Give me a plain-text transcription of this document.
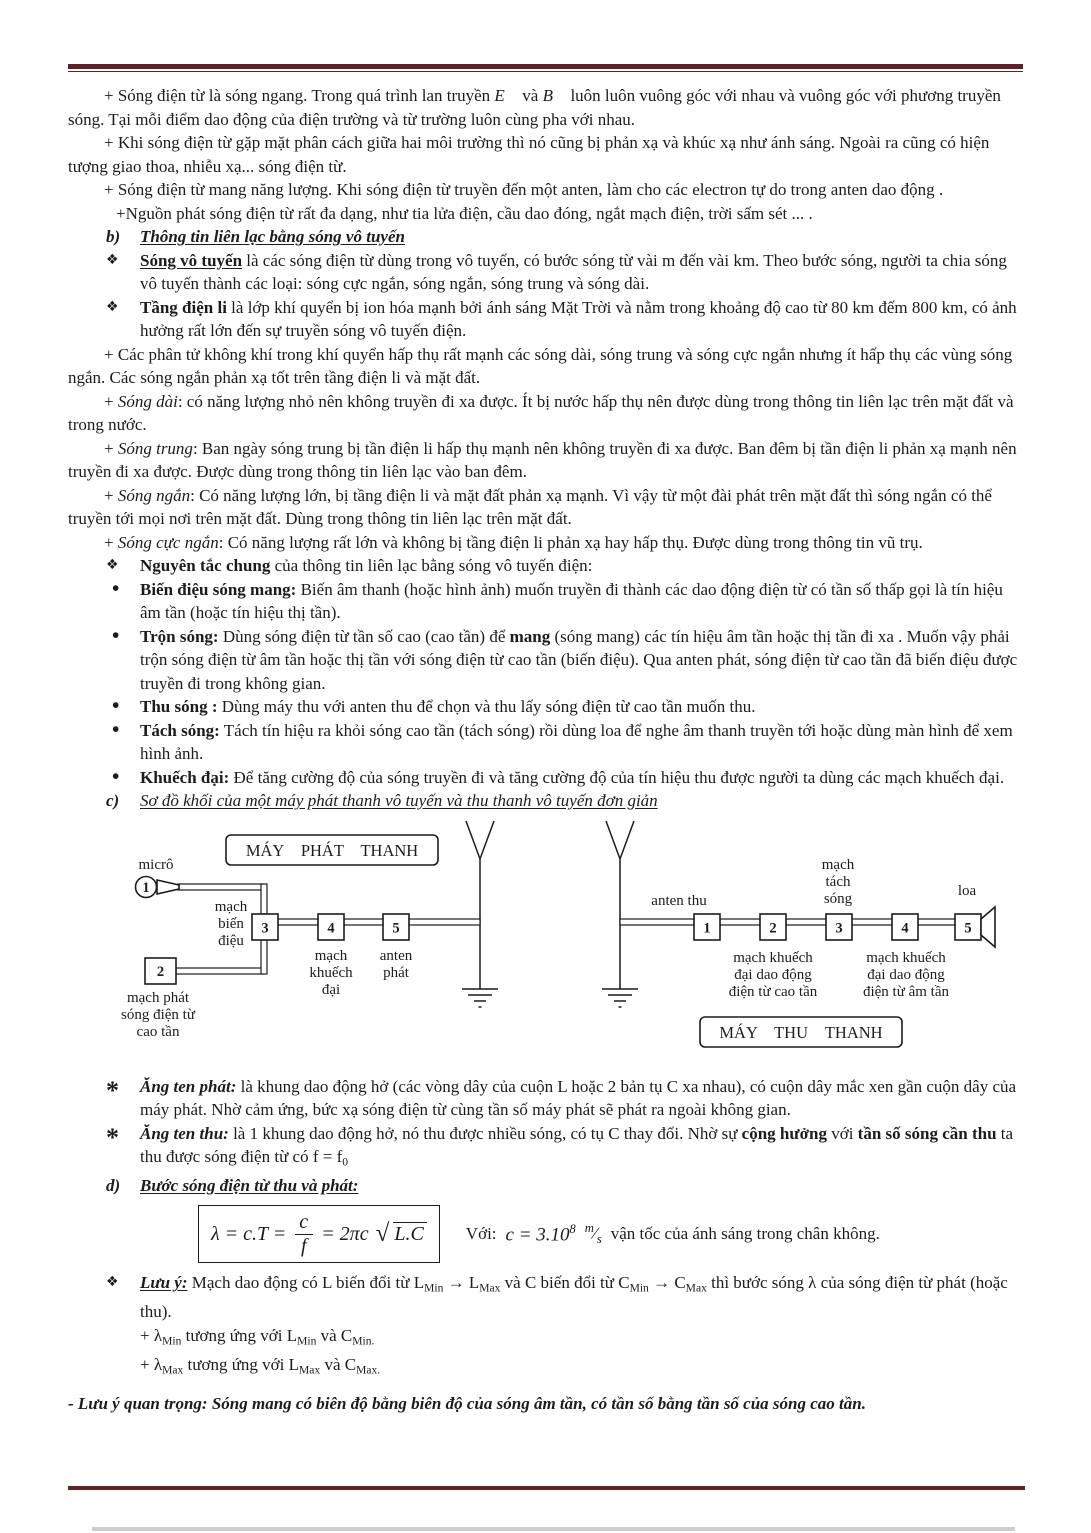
+ Sóng điện từ là sóng ngang. Trong quá trình lan truyền E⃗ và B⃗ luôn luôn vuông góc với nhau và vuông góc với phương truyền sóng. Tại mỗi điểm dao động của điện trường và từ trường luôn cùng pha với nhau.

+ Khi sóng điện từ gặp mặt phân cách giữa hai môi trường thì nó cũng bị phản xạ và khúc xạ như ánh sáng. Ngoài ra cũng có hiện tượng giao thoa, nhiễu xạ... sóng điện từ.

+ Sóng điện từ mang năng lượng. Khi sóng điện từ truyền đến một anten, làm cho các electron tự do trong anten dao động .

+Nguồn phát sóng điện từ rất đa dạng, như tia lửa điện, cầu dao đóng, ngắt mạch điện, trời sấm sét ... .

b) Thông tin liên lạc bằng sóng vô tuyến
❖ Sóng vô tuyến là các sóng điện từ dùng trong vô tuyến, có bước sóng từ vài m đến vài km. Theo bước sóng, người ta chia sóng vô tuyến thành các loại: sóng cực ngắn, sóng ngắn, sóng trung và sóng dài.
❖ Tầng điện li là lớp khí quyển bị ion hóa mạnh bởi ánh sáng Mặt Trời và nằm trong khoảng độ cao từ 80 km đếm 800 km, có ảnh hưởng rất lớn đến sự truyền sóng vô tuyến điện.

+ Các phân tử không khí trong khí quyển hấp thụ rất mạnh các sóng dài, sóng trung và sóng cực ngắn nhưng ít hấp thụ các vùng sóng ngắn. Các sóng ngắn phản xạ tốt trên tầng điện li và mặt đất.

+ Sóng dài: có năng lượng nhỏ nên không truyền đi xa được. Ít bị nước hấp thụ nên được dùng trong thông tin liên lạc trên mặt đất và trong nước.

+ Sóng trung: Ban ngày sóng trung bị tần điện li hấp thụ mạnh nên không truyền đi xa được. Ban đêm bị tần điện li phản xạ mạnh nên truyền đi xa được. Được dùng trong thông tin liên lạc vào ban đêm.

+ Sóng ngắn: Có năng lượng lớn, bị tầng điện li và mặt đất phản xạ mạnh. Vì vậy từ một đài phát trên mặt đất thì sóng ngắn có thể truyền tới mọi nơi trên mặt đất. Dùng trong thông tin liên lạc trên mặt đất.

+ Sóng cực ngắn: Có năng lượng rất lớn và không bị tầng điện li phản xạ hay hấp thụ. Được dùng trong thông tin vũ trụ.

❖ Nguyên tắc chung của thông tin liên lạc bằng sóng vô tuyến điện:
• Biến điệu sóng mang: Biến âm thanh (hoặc hình ảnh) muốn truyền đi thành các dao động điện từ có tần số thấp gọi là tín hiệu âm tần (hoặc tín hiệu thị tần).
• Trộn sóng: Dùng sóng điện từ tần số cao (cao tần) để mang (sóng mang) các tín hiệu âm tần hoặc thị tần đi xa . Muốn vậy phải trộn sóng điện từ âm tần hoặc thị tần với sóng điện từ cao tần (biến điệu). Qua anten phát, sóng điện từ cao tần đã biến điệu được truyền đi trong không gian.
• Thu sóng : Dùng máy thu với anten thu để chọn và thu lấy sóng điện từ cao tần muốn thu.
• Tách sóng: Tách tín hiệu ra khỏi sóng cao tần (tách sóng) rồi dùng loa để nghe âm thanh truyền tới hoặc dùng màn hình để xem hình ảnh.
• Khuếch đại: Để tăng cường độ của sóng truyền đi và tăng cường độ của tín hiệu thu được người ta dùng các mạch khuếch đại.
c) Sơ đồ khối của một máy phát thanh vô tuyến và thu thanh vô tuyến đơn giản
MÁY PHÁT THANH
micrô
1
2
3	4	5
mạch
biến
điệu
mạch
khuếch
đại
anten
phát
mạch phát
sóng điện từ
cao tần
1	2	3	4	5
anten thu
mạch
tách
sóng	loa
mạch khuếch
đại dao động
điện từ cao tần
mạch khuếch
đại dao động
điện từ âm tần
MÁY THU THANH
* Ăng ten phát: là khung dao động hở (các vòng dây của cuộn L hoặc 2 bản tụ C xa nhau), có cuộn dây mắc xen gần cuộn dây của máy phát. Nhờ cảm ứng, bức xạ sóng điện từ cùng tần số máy phát sẽ phát ra ngoài không gian.
* Ăng ten thu: là 1 khung dao động hở, nó thu được nhiều sóng, có tụ C thay đổi. Nhờ sự cộng hưởng với tần số sóng cần thu ta thu được sóng điện từ có $f = f_0$
d) Bước sóng điện từ thu và phát:
$\lambda = c.T = \frac{c}{f} = 2\pi c$ √ L.C Với: $c = 3.10^8$ $^m⁄_s$ vận tốc của ánh sáng trong chân không.
❖ Lưu ý: Mạch dao động có L biến đổi từ $L_{Min} \to L_{Max}$ và C biến đổi từ $C_{Min} \to C_{Max}$ thì bước sóng λ của sóng điện từ phát (hoặc thu).

+ $\lambda_{Min}$ tương ứng với $L_{Min}$ và $C_{Min.}$

+ $\lambda_{Max}$ tương ứng với $L_{Max}$ và $C_{Max.}$

- Lưu ý quan trọng: Sóng mang có biên độ bằng biên độ của sóng âm tần, có tần số bằng tần số của sóng cao tần.
